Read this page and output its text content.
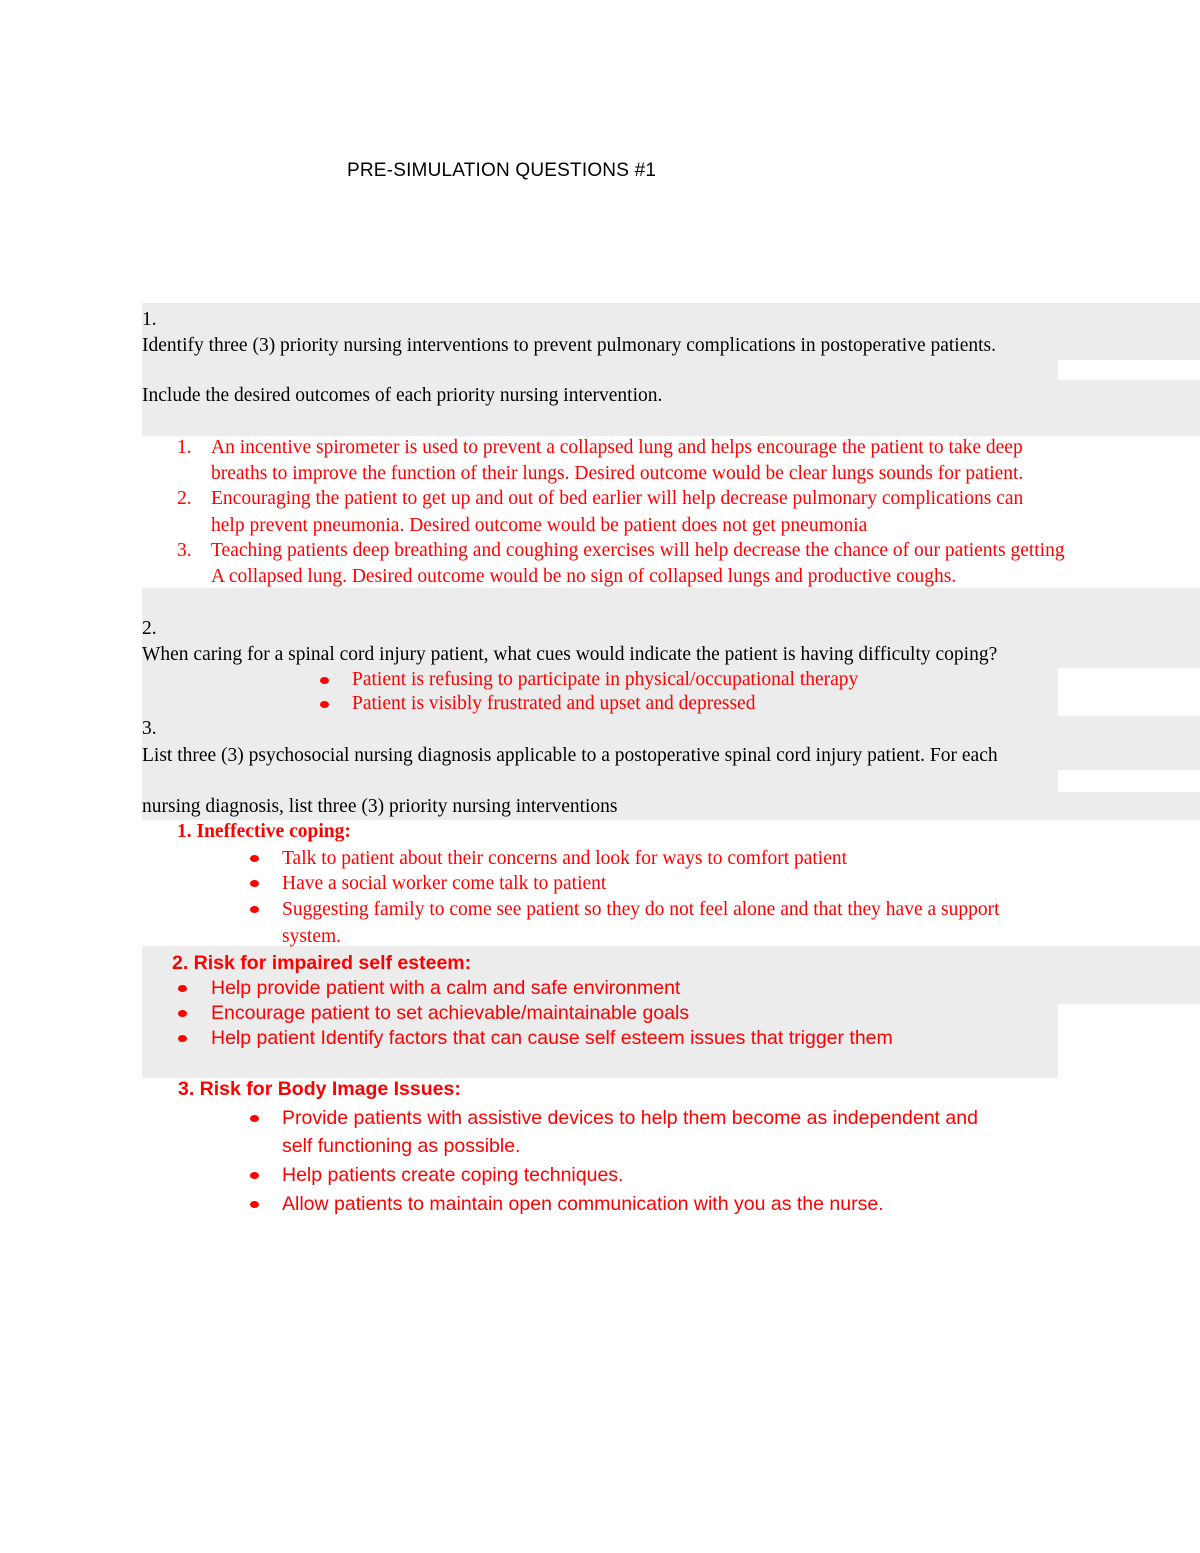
PRE-SIMULATION QUESTIONS #1
1.
Identify three (3) priority nursing interventions to prevent pulmonary complications in postoperative patients.
Include the desired outcomes of each priority nursing intervention.
1. An incentive spirometer is used to prevent a collapsed lung and helps encourage the patient to take deep
breaths to improve the function of their lungs. Desired outcome would be clear lungs sounds for patient.
2. Encouraging the patient to get up and out of bed earlier will help decrease pulmonary complications can
help prevent pneumonia. Desired outcome would be patient does not get pneumonia
3. Teaching patients deep breathing and coughing exercises will help decrease the chance of our patients getting
A collapsed lung. Desired outcome would be no sign of collapsed lungs and productive coughs.
2.
When caring for a spinal cord injury patient, what cues would indicate the patient is having difficulty coping?
Patient is refusing to participate in physical/occupational therapy
Patient is visibly frustrated and upset and depressed
3.
List three (3) psychosocial nursing diagnosis applicable to a postoperative spinal cord injury patient. For each
nursing diagnosis, list three (3) priority nursing interventions
1. Ineffective coping:
Talk to patient about their concerns and look for ways to comfort patient
Have a social worker come talk to patient
Suggesting family to come see patient so they do not feel alone and that they have a support
system.
2. Risk for impaired self esteem:
Help provide patient with a calm and safe environment
Encourage patient to set achievable/maintainable goals
Help patient Identify factors that can cause self esteem issues that trigger them
3. Risk for Body Image Issues:
Provide patients with assistive devices to help them become as independent and
self functioning as possible.
Help patients create coping techniques.
Allow patients to maintain open communication with you as the nurse.
